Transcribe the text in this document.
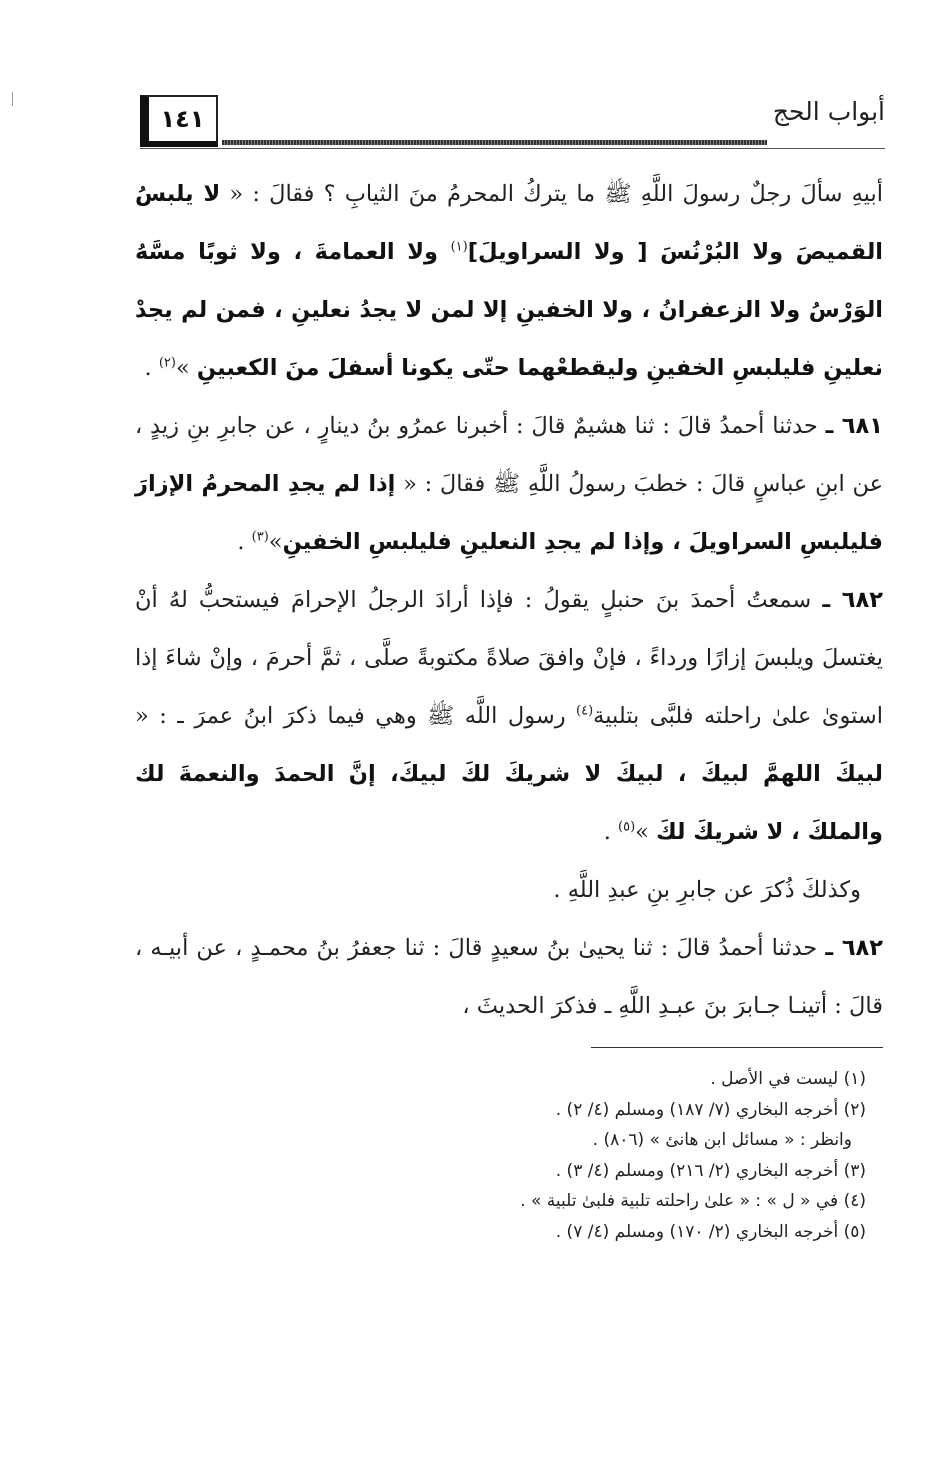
أبواب الحج
١٤١

أبيهِ سألَ رجلٌ رسولَ اللَّهِ ﷺ ما يتركُ المحرمُ منَ الثيابِ ؟ فقالَ : « لا يلبسُ القميصَ ولا البُرْنُسَ [ ولا السراويلَ]$^{(١)}$ ولا العمامةَ ، ولا ثوبًا مسَّهُ الوَرْسُ ولا الزعفرانُ ، ولا الخفينِ إلا لمن لا يجدُ نعلينِ ، فمن لم يجدْ نعلينِ فليلبسِ الخفينِ وليقطعْهما حتّى يكونا أسفلَ منَ الكعبينِ »$^{(٢)}$ .

٦٨١ ـ حدثنا أحمدُ قالَ : ثنا هشيمٌ قالَ : أخبرنا عمرُو بنُ دينارٍ ، عن جابرِ بنِ زيدٍ ، عن ابنِ عباسٍ قالَ : خطبَ رسولُ اللَّهِ ﷺ فقالَ : « إذا لم يجدِ المحرمُ الإزارَ فليلبسِ السراويلَ ، وإذا لم يجدِ النعلينِ فليلبسِ الخفينِ»$^{(٣)}$ .

٦٨٢ ـ سمعتُ أحمدَ بنَ حنبلٍ يقولُ : فإذا أرادَ الرجلُ الإحرامَ فيستحبُّ لهُ أنْ يغتسلَ ويلبسَ إزارًا ورداءً ، فإنْ وافقَ صلاةً مكتوبةً صلَّى ، ثمَّ أحرمَ ، وإنْ شاءَ إذا استوىٰ علىٰ راحلته فلبَّى بتلبية$^{(٤)}$ رسول اللَّه ﷺ وهي فيما ذكرَ ابنُ عمرَ ـ : « لبيكَ اللهمَّ لبيكَ ، لبيكَ لا شريكَ لكَ لبيكَ، إنَّ الحمدَ والنعمةَ لك والملكَ ، لا شريكَ لكَ »$^{(٥)}$ .

وكذلكَ ذُكرَ عن جابرِ بنِ عبدِ اللَّهِ .

٦٨٢ ـ حدثنا أحمدُ قالَ : ثنا يحيىٰ بنُ سعيدٍ قالَ : ثنا جعفرُ بنُ محمـدٍ ، عن أبيـه ، قالَ : أتينـا جـابرَ بنَ عبـدِ اللَّهِ ـ فذكرَ الحديثَ ،

(١) ليست في الأصل .

(٢) أخرجه البخاري (٧/ ١٨٧) ومسلم (٤/ ٢) .

وانظر : « مسائل ابن هانئ » (٨٠٦) .

(٣) أخرجه البخاري (٢/ ٢١٦) ومسلم (٤/ ٣) .

(٤) في « ل » : « علىٰ راحلته تلبية فلبىٰ تلبية » .

(٥) أخرجه البخاري (٢/ ١٧٠) ومسلم (٤/ ٧) .
